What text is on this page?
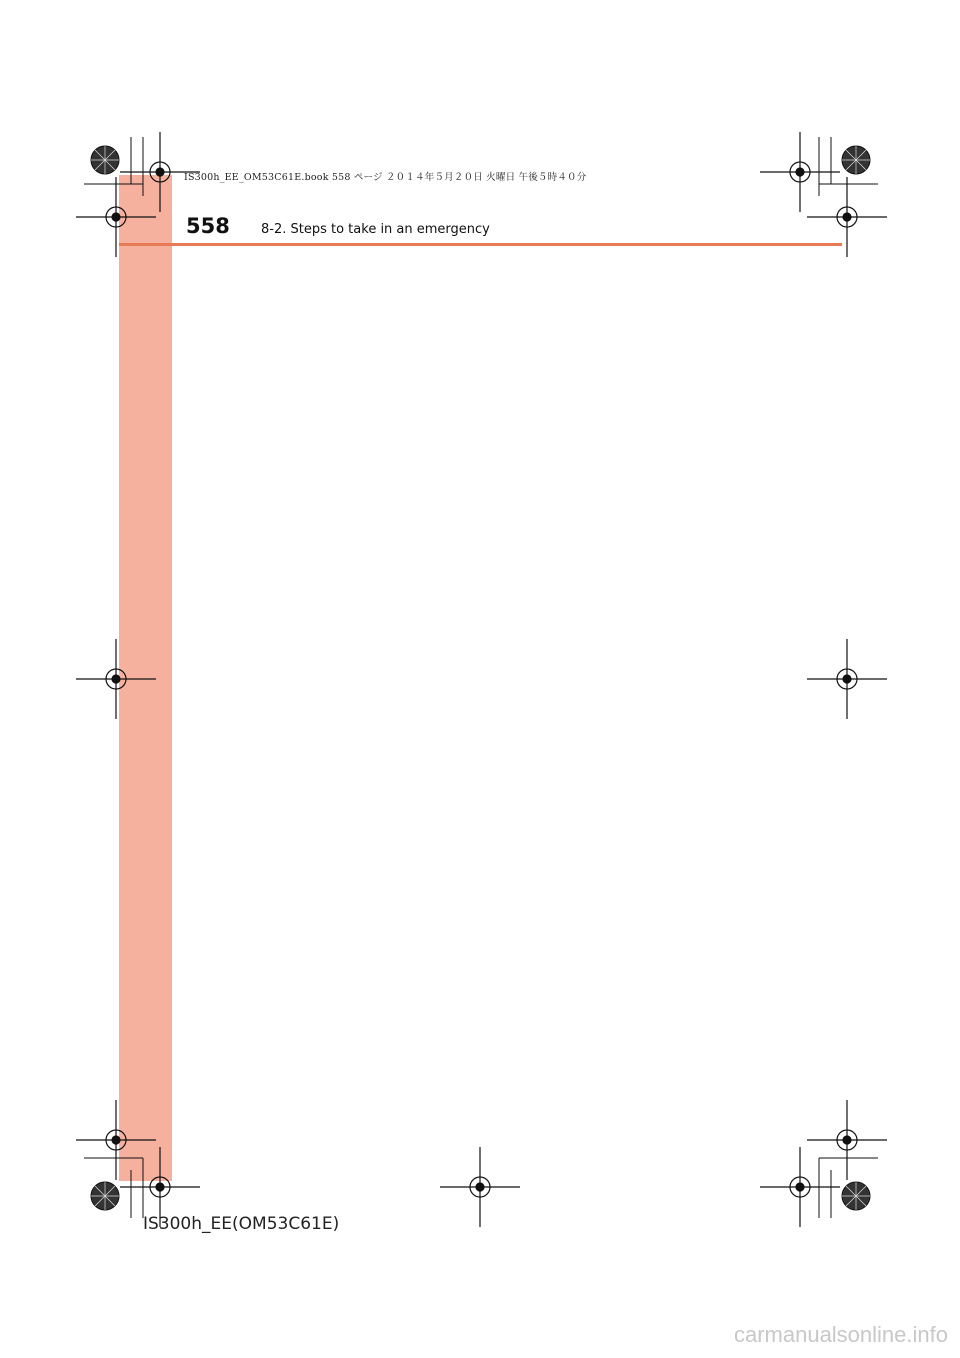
IS300h_EE_OM53C61E.book 558 ページ ２０１４年５月２０日 火曜日 午後５時４０分
558 8-2. Steps to take in an emergency
IS300h_EE(OM53C61E)
carmanualsonline.info
